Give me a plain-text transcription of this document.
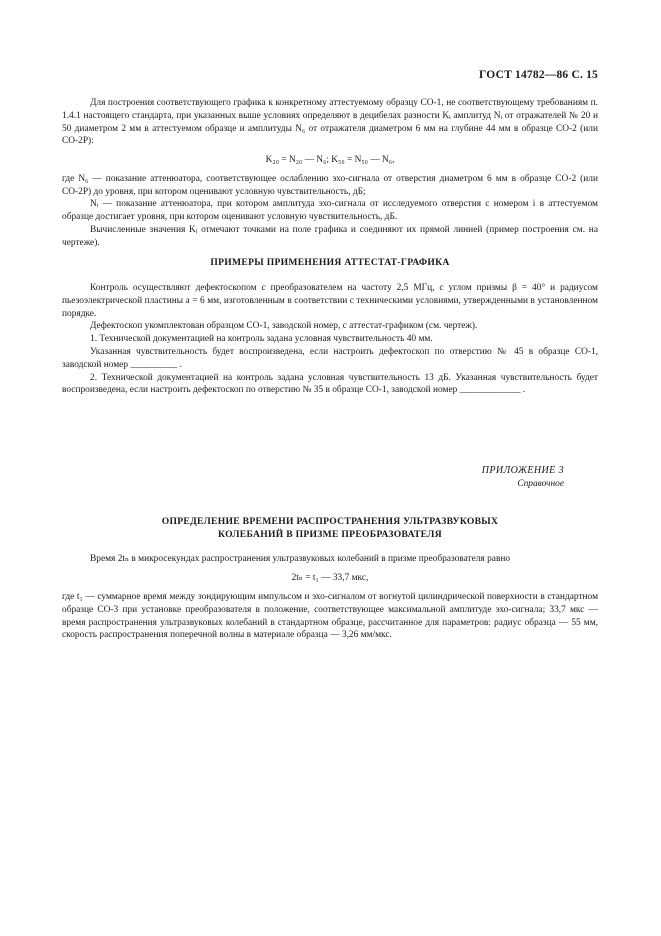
ГОСТ 14782—86 С. 15

Для построения соответствующего графика к конкретному аттестуемому образцу СО-1, не соответствующему требованиям п. 1.4.1 настоящего стандарта, при указанных выше условиях определяют в децибелах разности Kᵢ амплитуд Nᵢ от отражателей № 20 и 50 диаметром 2 мм в аттестуемом образце и амплитуды N₆ от отражателя диаметром 6 мм на глубине 44 мм в образце СО-2 (или СО-2Р):

K₂₀ = N₂₀ — N₆; K₅₀ = N₅₀ — N₆,

где N₆ — показание аттенюатора, соответствующее ослаблению эхо-сигнала от отверстия диаметром 6 мм в образце СО-2 (или СО-2Р) до уровня, при котором оценивают условную чувствительность, дБ;

Nᵢ — показание аттенюатора, при котором амплитуда эхо-сигнала от исследуемого отверстия с номером i в аттестуемом образце достигает уровня, при котором оценивают условную чувствительность, дБ.

Вычисленные значения Kᵢ отмечают точками на поле графика и соединяют их прямой линией (пример построения см. на чертеже).

ПРИМЕРЫ ПРИМЕНЕНИЯ АТТЕСТАТ-ГРАФИКА

Контроль осуществляют дефектоскопом с преобразователем на частоту 2,5 МГц, с углом призмы β = 40° и радиусом пьезоэлектрической пластины a = 6 мм, изготовленным в соответствии с техническими условиями, утвержденными в установленном порядке.

Дефектоскоп укомплектован образцом СО-1, заводской номер, с аттестат-графиком (см. чертеж).

1. Технической документацией на контроль задана условная чувствительность 40 мм.

Указанная чувствительность будет воспроизведена, если настроить дефектоскоп по отверстию № 45 в образце СО-1, заводской номер __________ .

2. Технической документацией на контроль задана условная чувствительность 13 дБ. Указанная чувствительность будет воспроизведена, если настроить дефектоскоп по отверстию № 35 в образце СО-1, заводской номер _____________ .

ПРИЛОЖЕНИЕ 3

Справочное

ОПРЕДЕЛЕНИЕ ВРЕМЕНИ РАСПРОСТРАНЕНИЯ УЛЬТРАЗВУКОВЫХ

КОЛЕБАНИЙ В ПРИЗМЕ ПРЕОБРАЗОВАТЕЛЯ

Время 2tₙ в микросекундах распространения ультразвуковых колебаний в призме преобразователя равно

2tₙ = t₁ — 33,7 мкс,

где t₁ — суммарное время между зондирующим импульсом и эхо-сигналом от вогнутой цилиндрической поверхности в стандартном образце СО-3 при установке преобразователя в положение, соответствующее максимальной амплитуде эхо-сигнала; 33,7 мкс — время распространения ультразвуковых колебаний в стандартном образце, рассчитанное для параметров: радиус образца — 55 мм, скорость распространения поперечной волны в материале образца — 3,26 мм/мкс.
